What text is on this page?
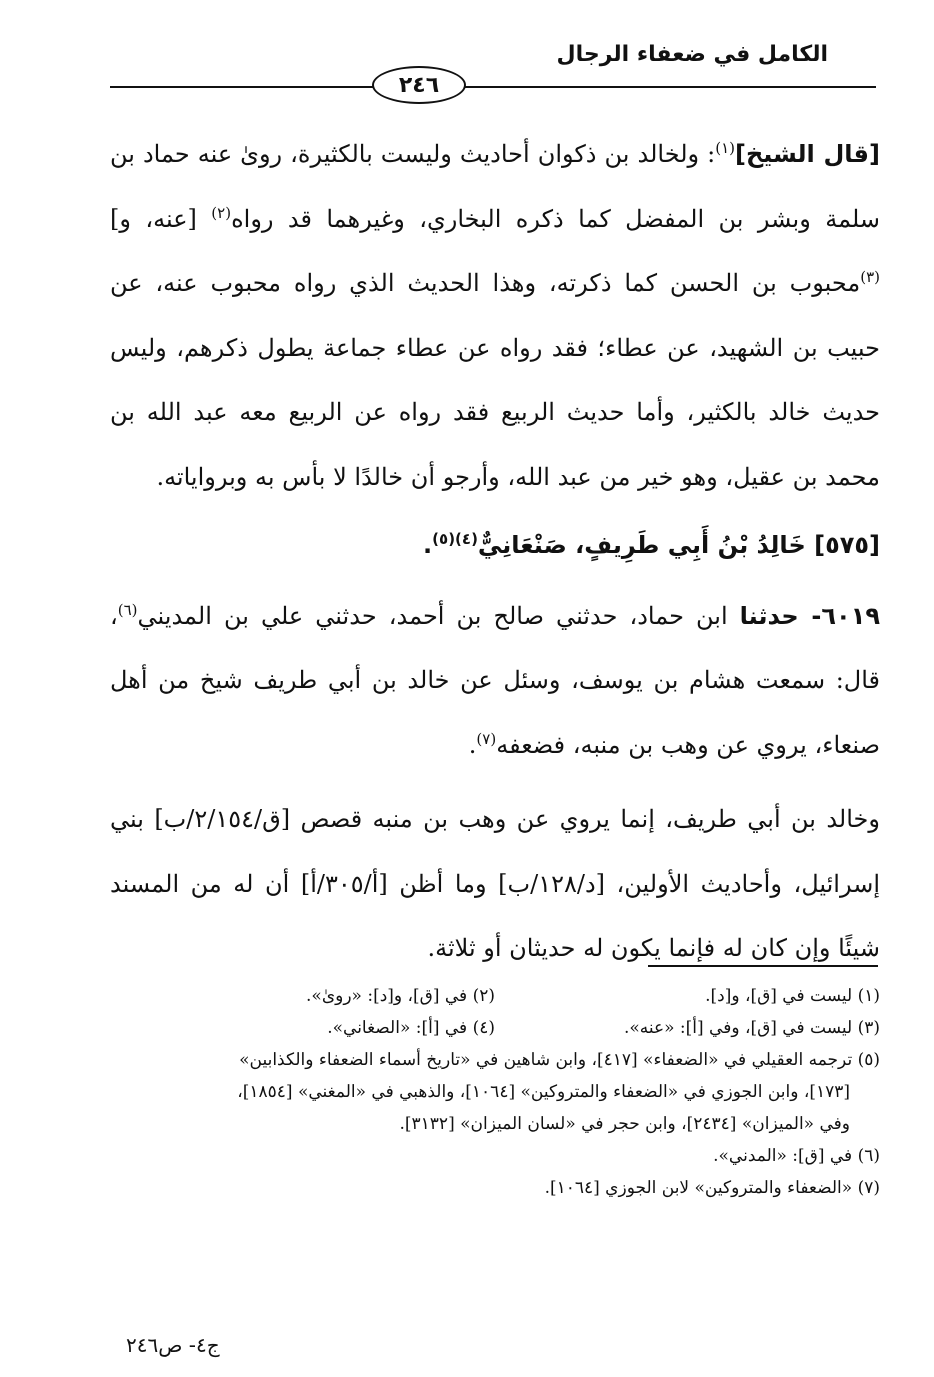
الكامل في ضعفاء الرجال
٢٤٦

[قال الشيخ]$^{(١)}$: ولخالد بن ذكوان أحاديث وليست بالكثيرة، روىٰ عنه حماد بن سلمة وبشر بن المفضل كما ذكره البخاري، وغيرهما قد رواه$^{(٢)}$ [عنه، و]$^{(٣)}$محبوب بن الحسن كما ذكرته، وهذا الحديث الذي رواه محبوب عنه، عن حبيب بن الشهيد، عن عطاء؛ فقد رواه عن عطاء جماعة يطول ذكرهم، وليس حديث خالد بالكثير، وأما حديث الربيع فقد رواه عن الربيع معه عبد الله بن محمد بن عقيل، وهو خير من عبد الله، وأرجو أن خالدًا لا بأس به وبرواياته.

[٥٧٥] خَالِدُ بْنُ أَبِي طَرِيفٍ، صَنْعَانِيٌّ$^{(٤)(٥)}$.

٦٠١٩- حدثنا ابن حماد، حدثني صالح بن أحمد، حدثني علي بن المديني$^{(٦)}$، قال: سمعت هشام بن يوسف، وسئل عن خالد بن أبي طريف شيخ من أهل صنعاء، يروي عن وهب بن منبه، فضعفه$^{(٧)}$.

وخالد بن أبي طريف، إنما يروي عن وهب بن منبه قصص [ق/٢/١٥٤/ب] بني إسرائيل، وأحاديث الأولين، [د/١٢٨/ب] وما أظن [أ/٣٠٥/أ] أن له من المسند شيئًا وإن كان له فإنما يكون له حديثان أو ثلاثة.

(١) ليست في [ق]، و[د].
(٢) في [ق]، و[د]: «روىٰ».
(٣) ليست في [ق]، وفي [أ]: «عنه».
(٤) في [أ]: «الصغاني».
(٥) ترجمه العقيلي في «الضعفاء» [٤١٧]، وابن شاهين في «تاريخ أسماء الضعفاء والكذابين»
[١٧٣]، وابن الجوزي في «الضعفاء والمتروكين» [١٠٦٤]، والذهبي في «المغني» [١٨٥٤]،
وفي «الميزان» [٢٤٣٤]، وابن حجر في «لسان الميزان» [٣١٣٢].
(٦) في [ق]: «المدني».
(٧) «الضعفاء والمتروكين» لابن الجوزي [١٠٦٤].
ج٤- ص٢٤٦
